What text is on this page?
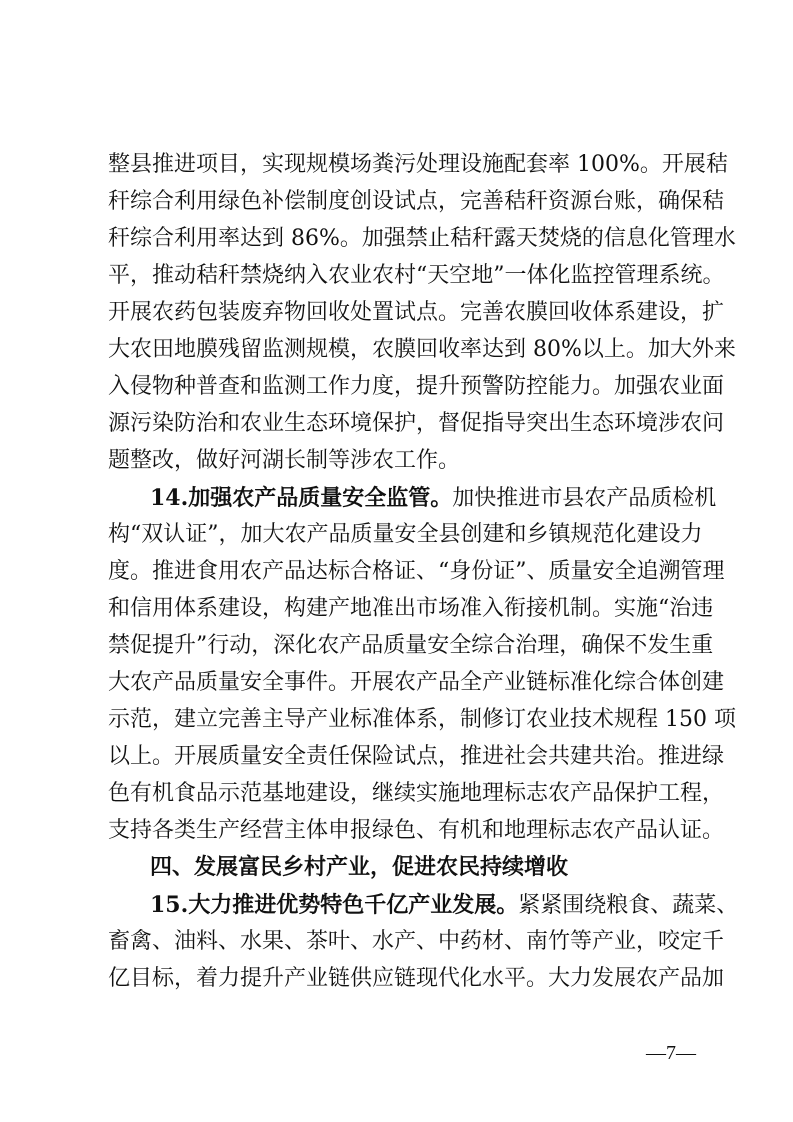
整县推进项目，实现规模场粪污处理设施配套率 100%。开展秸
秆综合利用绿色补偿制度创设试点，完善秸秆资源台账，确保秸
秆综合利用率达到 86%。加强禁止秸秆露天焚烧的信息化管理水
平，推动秸秆禁烧纳入农业农村“天空地”一体化监控管理系统。
开展农药包装废弃物回收处置试点。完善农膜回收体系建设，扩
大农田地膜残留监测规模，农膜回收率达到 80%以上。加大外来
入侵物种普查和监测工作力度，提升预警防控能力。加强农业面
源污染防治和农业生态环境保护，督促指导突出生态环境涉农问
题整改，做好河湖长制等涉农工作。
14.加强农产品质量安全监管。加快推进市县农产品质检机
构“双认证”，加大农产品质量安全县创建和乡镇规范化建设力
度。推进食用农产品达标合格证、“身份证”、质量安全追溯管理
和信用体系建设，构建产地准出市场准入衔接机制。实施“治违
禁促提升”行动，深化农产品质量安全综合治理，确保不发生重
大农产品质量安全事件。开展农产品全产业链标准化综合体创建
示范，建立完善主导产业标准体系，制修订农业技术规程 150 项
以上。开展质量安全责任保险试点，推进社会共建共治。推进绿
色有机食品示范基地建设，继续实施地理标志农产品保护工程，
支持各类生产经营主体申报绿色、有机和地理标志农产品认证。
四、发展富民乡村产业，促进农民持续增收
15.大力推进优势特色千亿产业发展。紧紧围绕粮食、蔬菜、
畜禽、油料、水果、茶叶、水产、中药材、南竹等产业，咬定千
亿目标，着力提升产业链供应链现代化水平。大力发展农产品加
—7—
